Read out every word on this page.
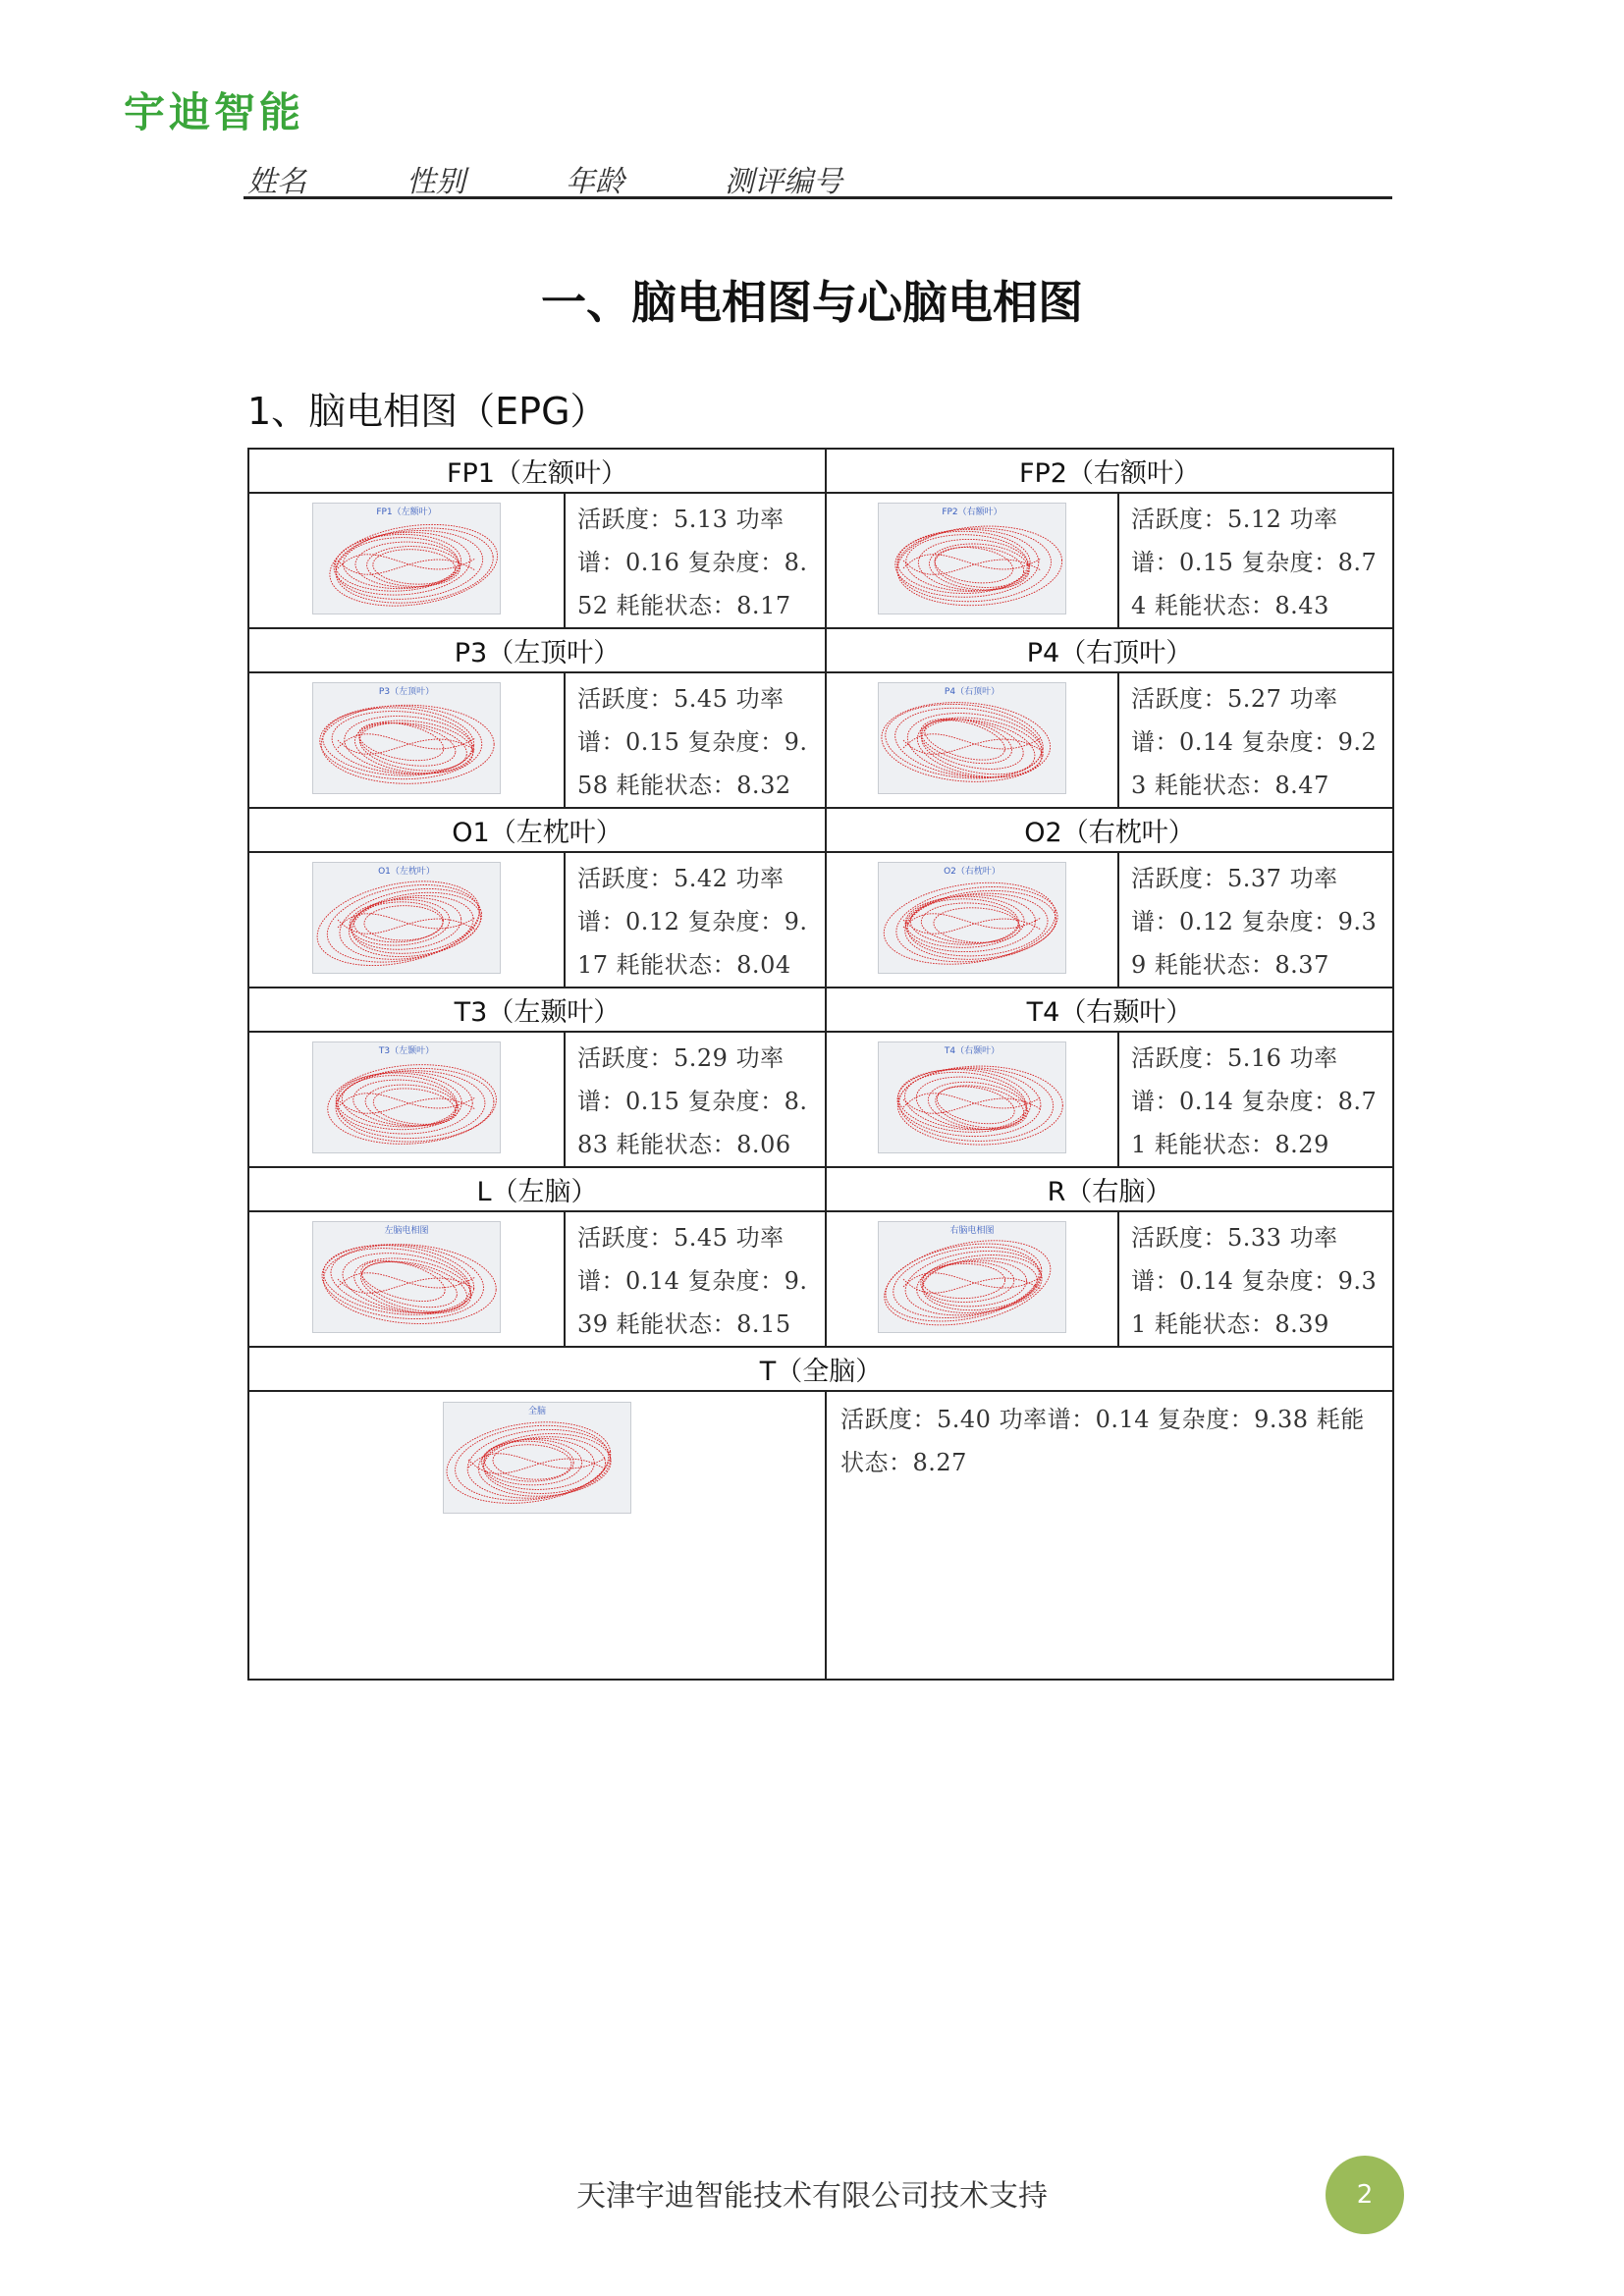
宇迪智能
姓名	性别	年龄	测评编号
一、脑电相图与心脑电相图
1、脑电相图（EPG）
FP1（左额叶）		FP2（右额叶）	

FP1（左额叶）	活跃度：5.13 功率谱：0.16 复杂度：8.52 耗能状态：8.17	FP2（右额叶）	活跃度：5.12 功率谱：0.15 复杂度：8.74 耗能状态：8.43
P3（左顶叶）		P4（右顶叶）	

P3（左顶叶）	活跃度：5.45 功率谱：0.15 复杂度：9.58 耗能状态：8.32	P4（右顶叶）	活跃度：5.27 功率谱：0.14 复杂度：9.23 耗能状态：8.47
O1（左枕叶）		O2（右枕叶）	

O1（左枕叶）	活跃度：5.42 功率谱：0.12 复杂度：9.17 耗能状态：8.04	O2（右枕叶）	活跃度：5.37 功率谱：0.12 复杂度：9.39 耗能状态：8.37
T3（左颞叶）		T4（右颞叶）	

T3（左颞叶）	活跃度：5.29 功率谱：0.15 复杂度：8.83 耗能状态：8.06	T4（右颞叶）	活跃度：5.16 功率谱：0.14 复杂度：8.71 耗能状态：8.29
L（左脑）		R（右脑）	

左脑电相图	活跃度：5.45 功率谱：0.14 复杂度：9.39 耗能状态：8.15	右脑电相图	活跃度：5.33 功率谱：0.14 复杂度：9.31 耗能状态：8.39
T（全脑）			

全脑		活跃度：5.40 功率谱：0.14 复杂度：9.38 耗能状态：8.27	
天津宇迪智能技术有限公司技术支持	2
